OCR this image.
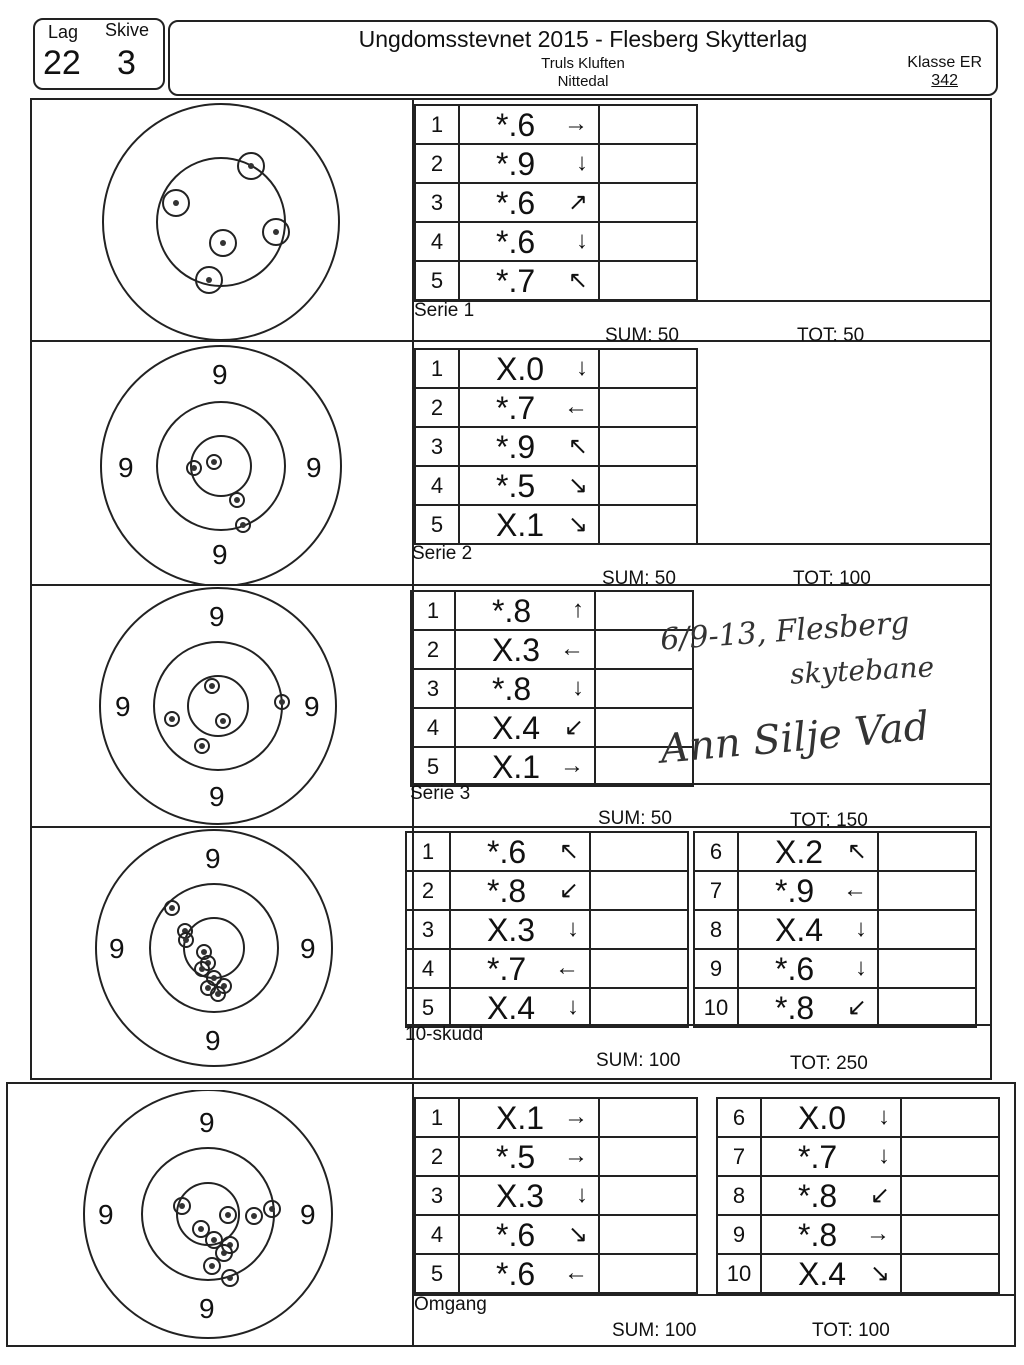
Lag Skive
22 3
Ungdomsstevnet 2015 - Flesberg Skytterlag
Truls Kluften
Nittedal
Klasse ER
342
9
9
9	9
9
9
9	9
9
9
9	9
9
9
9	9
1	*.6 →	

2	*.9 ↓	

3	*.6 ↗	

4	*.6 ↓	

5	*.7 ↖	

1	X.0 ↓	

2	*.7 ←	

3	*.9 ↖	

4	*.5 ↘	

5	X.1 ↘	

1	*.8 ↑	

2	X.3 ←	

3	*.8 ↓	

4	X.4 ↙	

5	X.1 →	

1	*.6 ↖	

2	*.8 ↙	

3	X.3 ↓	

4	*.7 ←	

5	X.4 ↓	

6	X.2 ↖	

7	*.9 ←	

8	X.4 ↓	

9	*.6 ↓	

10	*.8 ↙	

1	X.1 →	

2	*.5 →	

3	X.3 ↓	

4	*.6 ↘	

5	*.6 ←	

6	X.0 ↓	

7	*.7 ↓	

8	*.8 ↙	

9	*.8 →	

10	X.4 ↘	

Serie 1
SUM: 50	TOT: 50
Serie 2
SUM: 50	TOT: 100
Serie 3
SUM: 50	TOT: 150
10-skudd
SUM: 100	TOT: 250
Omgang
SUM: 100	TOT: 100
6/9-13, Flesberg
skytebane
Ann Silje Vad
